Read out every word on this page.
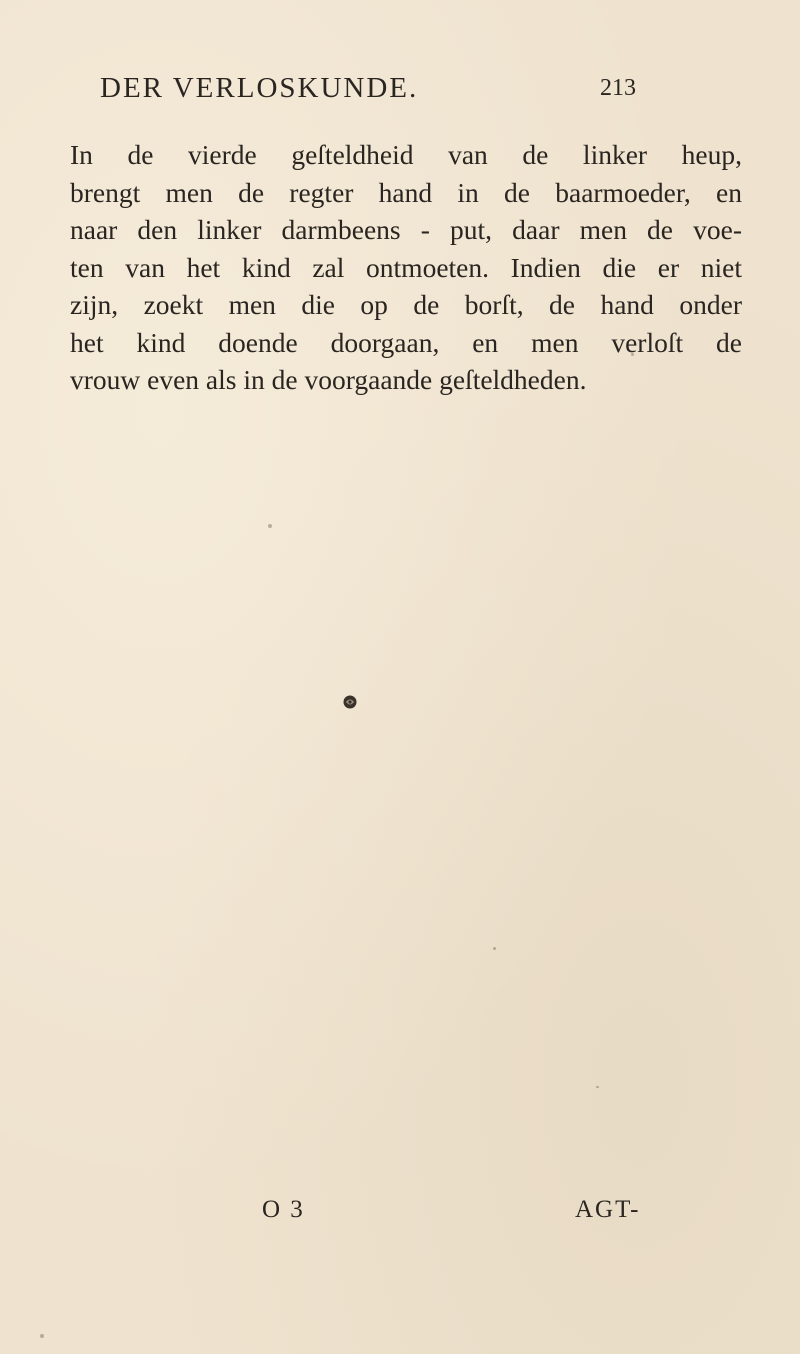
DER VERLOSKUNDE.	213
In de vierde geſteldheid van de linker heup,
brengt men de regter hand in de baarmoeder, en
naar den linker darmbeens - put, daar men de voe-
ten van het kind zal ontmoeten. Indien die er niet
zijn, zoekt men die op de borſt, de hand onder
het kind doende doorgaan, en men verloſt de
vrouw even als in de voorgaande geſteldheden.
O 3	AGT-
